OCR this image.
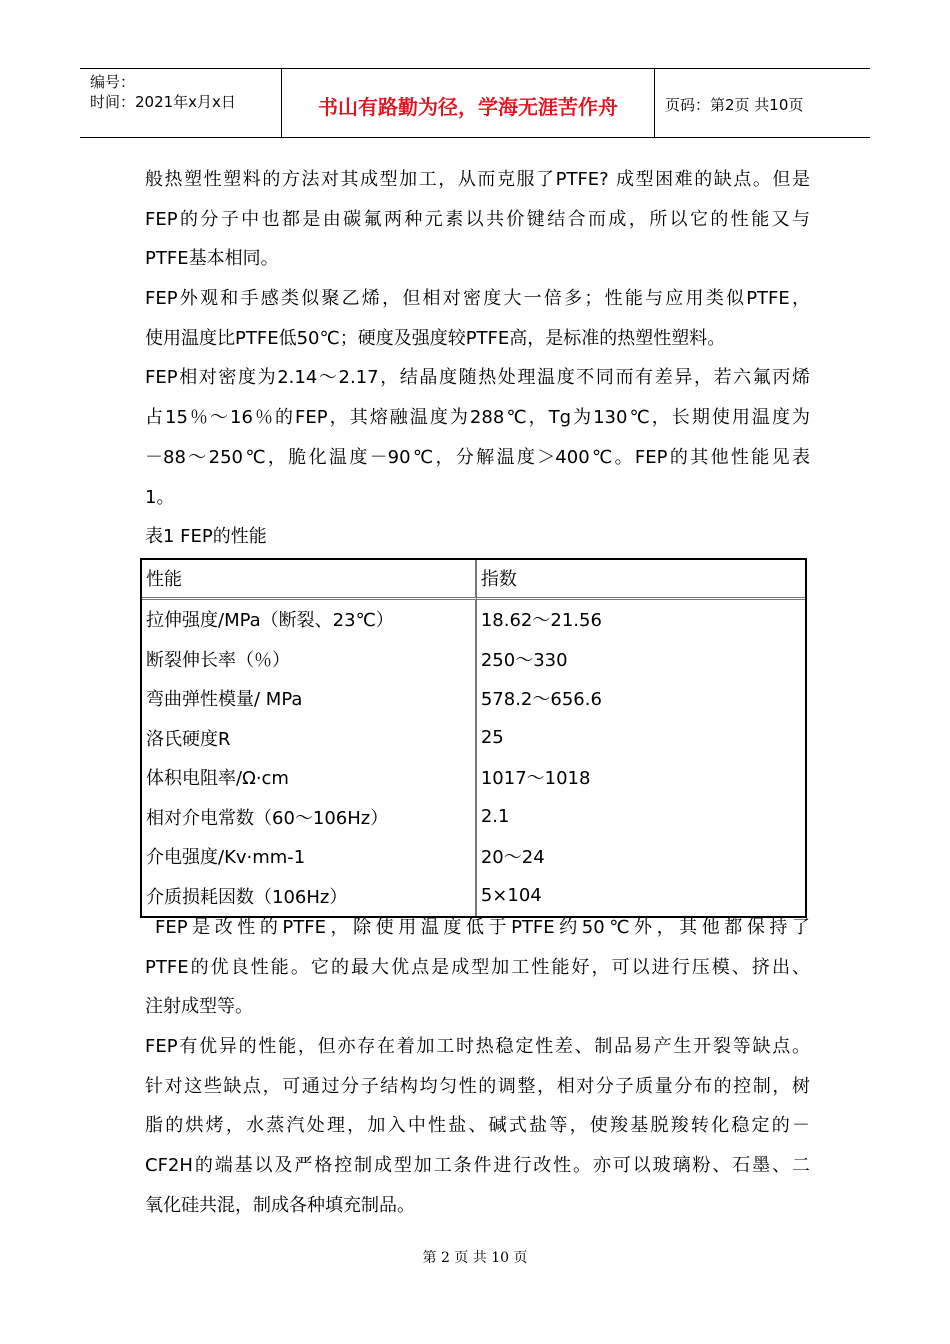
编号：
时间：2021年x月x日	书山有路勤为径，学海无涯苦作舟	页码：第2页 共10页
般热塑性塑料的方法对其成型加工，从而克服了PTFE? 成型困难的缺点。但是
FEP的分子中也都是由碳氟两种元素以共价键结合而成，所以它的性能又与
PTFE基本相同。
FEP外观和手感类似聚乙烯，但相对密度大一倍多；性能与应用类似PTFE，
使用温度比PTFE低50℃；硬度及强度较PTFE高，是标准的热塑性塑料。
FEP相对密度为2.14～2.17，结晶度随热处理温度不同而有差异，若六氟丙烯
占15％～16％的FEP，其熔融温度为288℃，Tg为130℃，长期使用温度为
－88～250℃，脆化温度－90℃，分解温度＞400℃。FEP的其他性能见表
1。
表1 FEP的性能
性能	指数
拉伸强度/MPa（断裂、23℃）	18.62～21.56
断裂伸长率（％）	250～330
弯曲弹性模量/ MPa	578.2～656.6
洛氏硬度R	25
体积电阻率/Ω·cm	1017～1018
相对介电常数（60～106Hz）	2.1
介电强度/Kv·mm-1	20～24
介质损耗因数（106Hz）	5×104
FEP是改性的PTFE，除使用温度低于PTFE约50℃外，其他都保持了
PTFE的优良性能。它的最大优点是成型加工性能好，可以进行压模、挤出、
注射成型等。
FEP有优异的性能，但亦存在着加工时热稳定性差、制品易产生开裂等缺点。
针对这些缺点，可通过分子结构均匀性的调整，相对分子质量分布的控制，树
脂的烘烤，水蒸汽处理，加入中性盐、碱式盐等，使羧基脱羧转化稳定的－
CF2H的端基以及严格控制成型加工条件进行改性。亦可以玻璃粉、石墨、二
氧化硅共混，制成各种填充制品。
第 2 页 共 10 页
